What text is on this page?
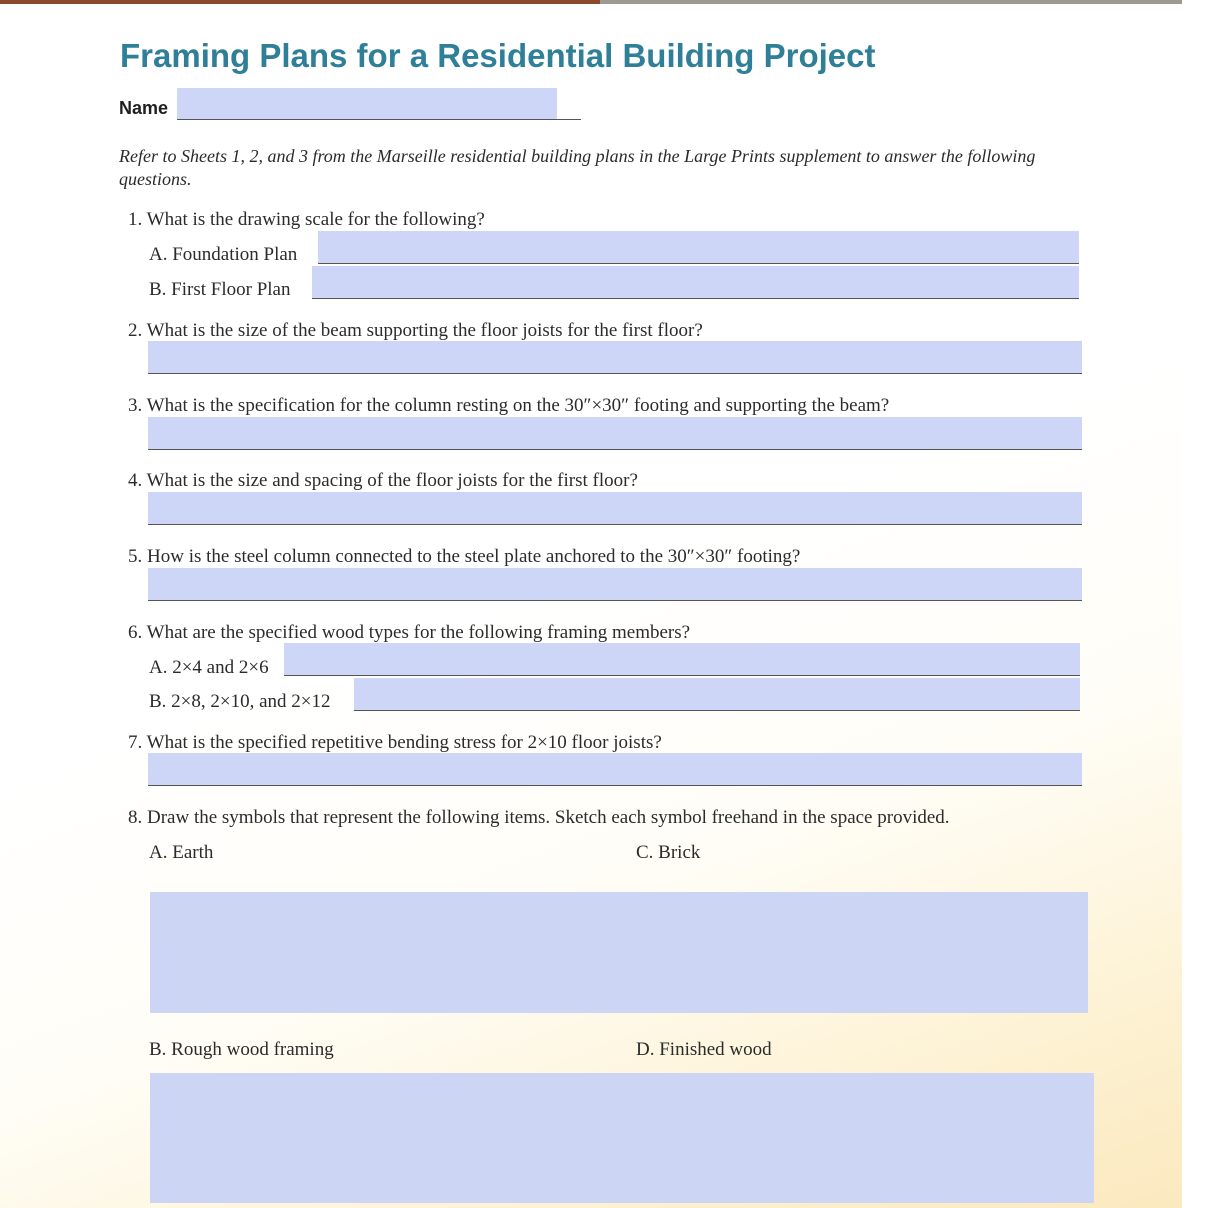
Framing Plans for a Residential Building Project
Name

Refer to Sheets 1, 2, and 3 from the Marseille residential building plans in the Large Prints supplement to answer the following questions.

1. What is the drawing scale for the following?
A. Foundation Plan
B. First Floor Plan
2. What is the size of the beam supporting the floor joists for the first floor?
3. What is the specification for the column resting on the 30″×30″ footing and supporting the beam?
4. What is the size and spacing of the floor joists for the first floor?
5. How is the steel column connected to the steel plate anchored to the 30″×30″ footing?
6. What are the specified wood types for the following framing members?
A. 2×4 and 2×6
B. 2×8, 2×10, and 2×12
7. What is the specified repetitive bending stress for 2×10 floor joists?
8. Draw the symbols that represent the following items. Sketch each symbol freehand in the space provided.
A. Earth	C. Brick
B. Rough wood framing	D. Finished wood
